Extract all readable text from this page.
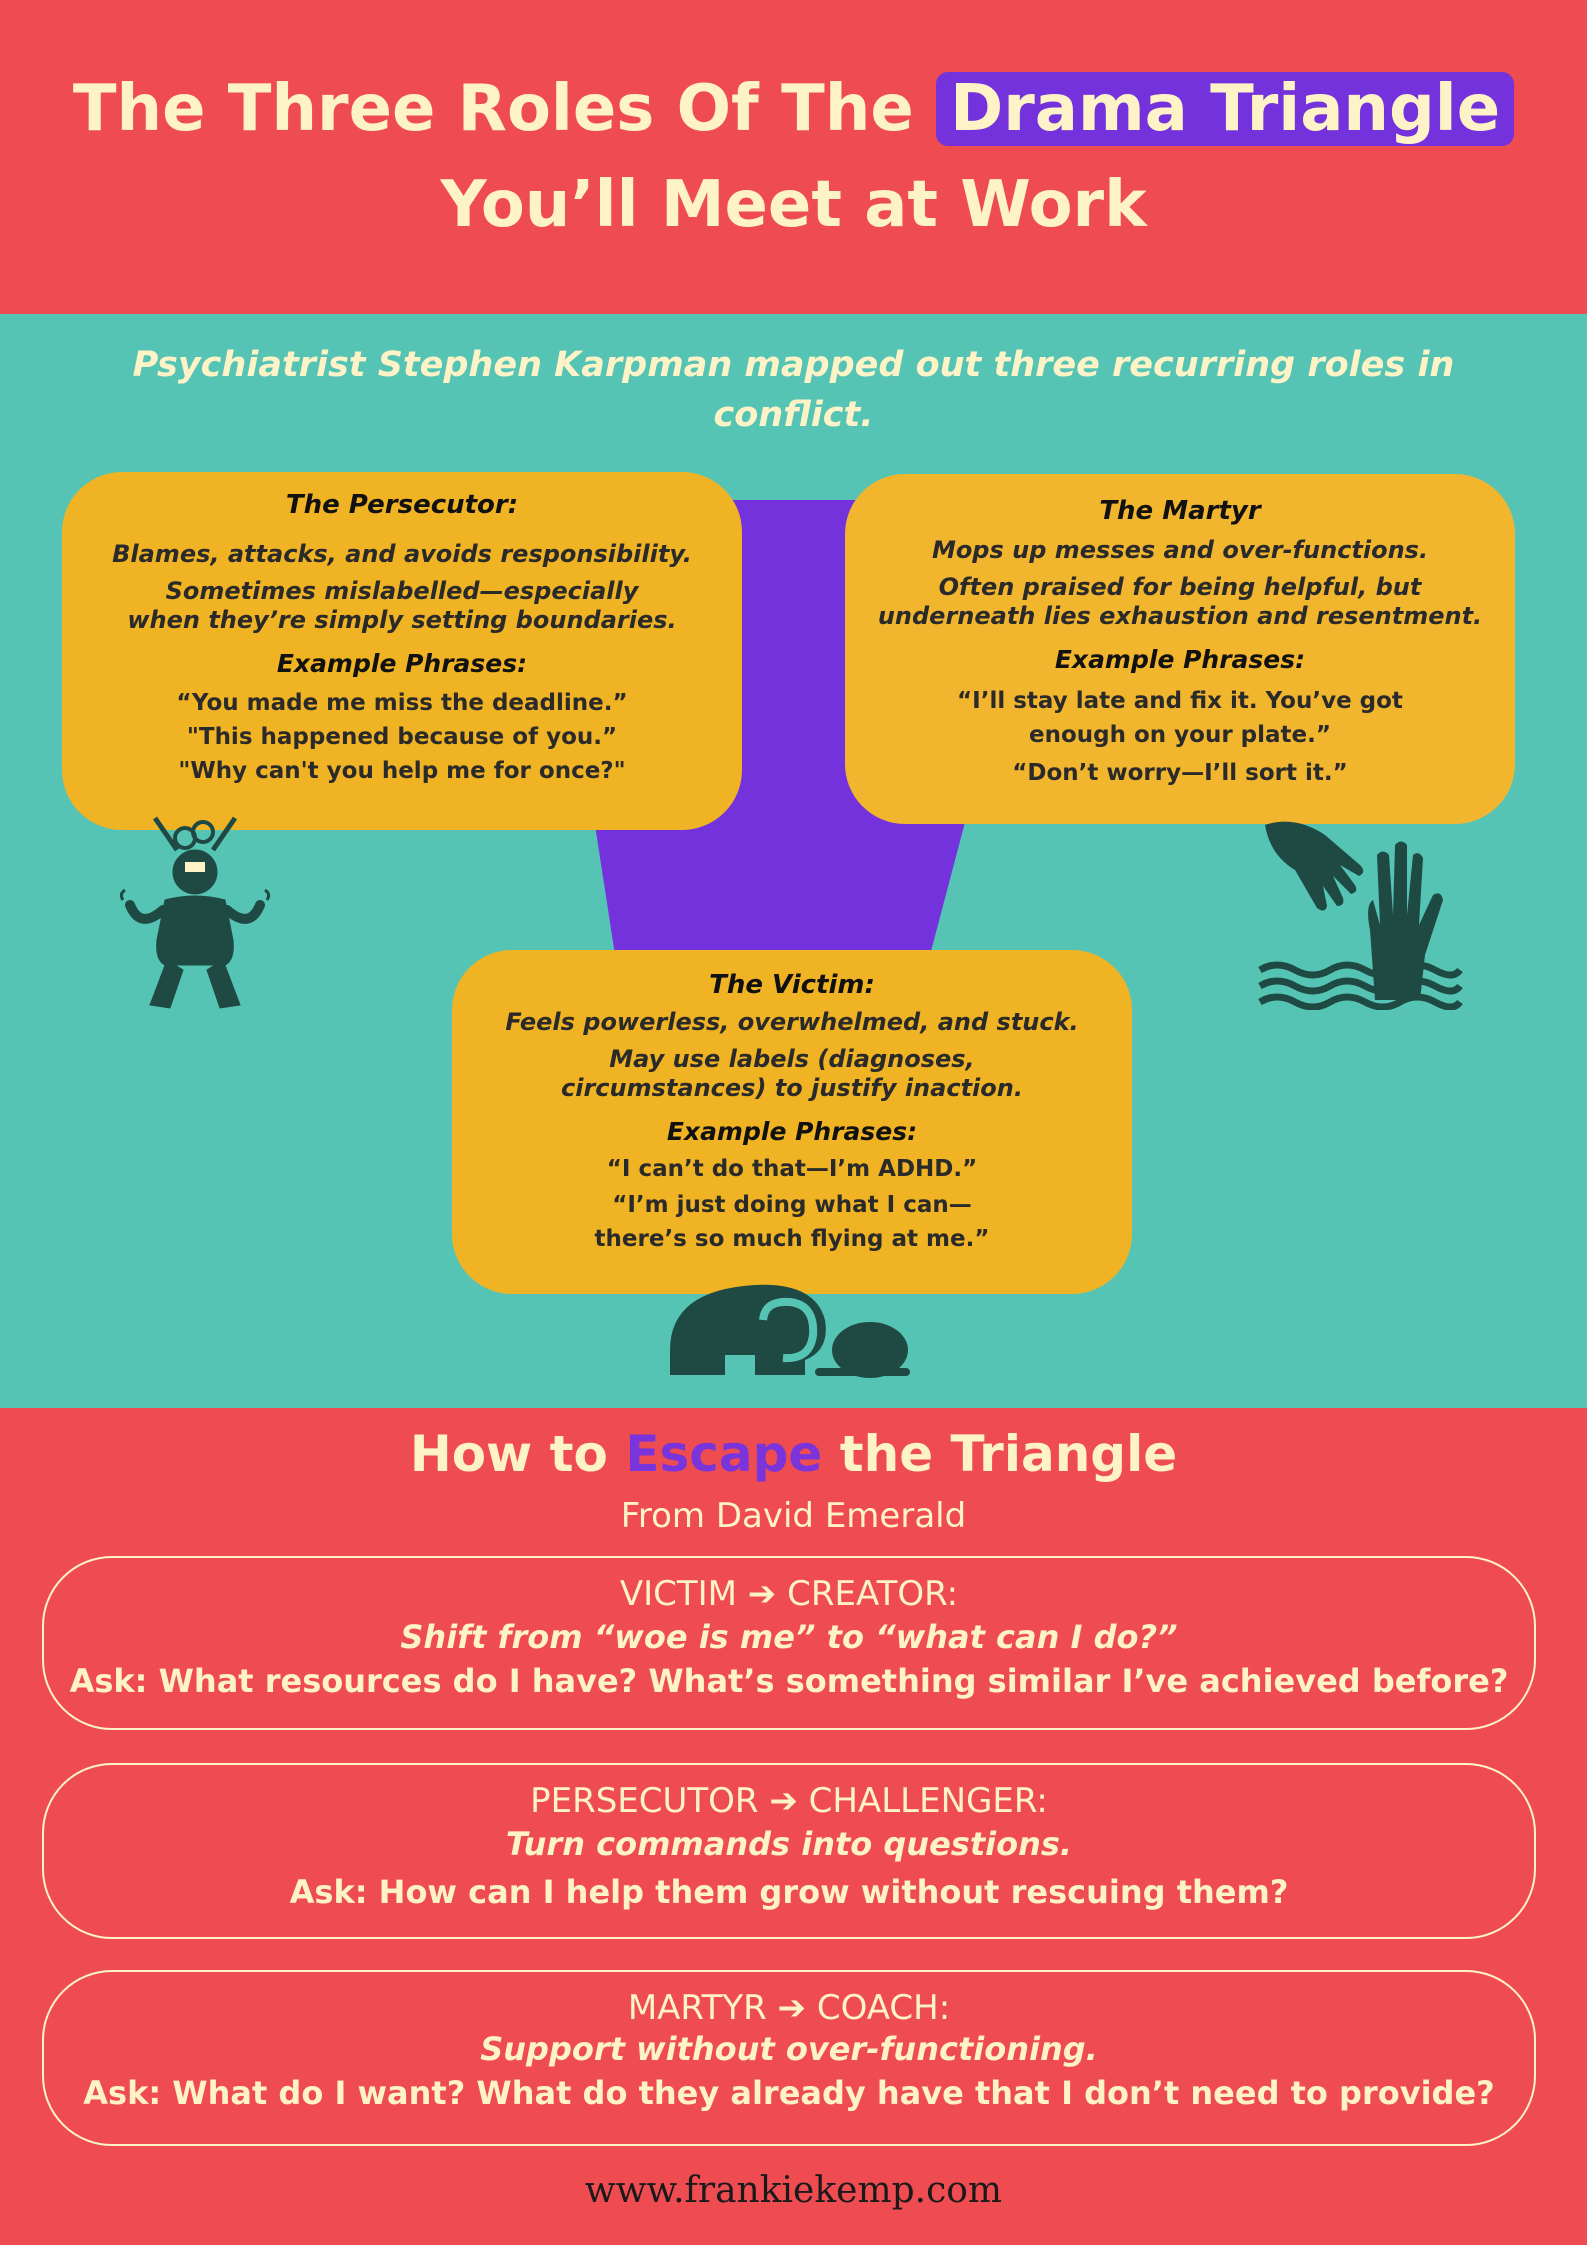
The Three Roles Of The Drama Triangle
You’ll Meet at Work
Psychiatrist Stephen Karpman mapped out three recurring roles in conflict.
The Persecutor:
Blames, attacks, and avoids responsibility.
Sometimes mislabelled—especially
when they’re simply setting boundaries.
Example Phrases:
“You made me miss the deadline.”
"This happened because of you.”
"Why can't you help me for once?"
The Martyr
Mops up messes and over-functions.
Often praised for being helpful, but
underneath lies exhaustion and resentment.
Example Phrases:
“I’ll stay late and fix it. You’ve got
enough on your plate.”
“Don’t worry—I’ll sort it.”
The Victim:
Feels powerless, overwhelmed, and stuck.
May use labels (diagnoses,
circumstances) to justify inaction.
Example Phrases:
“I can’t do that—I’m ADHD.”
“I’m just doing what I can—
there’s so much flying at me.”
How to Escape the Triangle
From David Emerald
VICTIM ➔ CREATOR:
Shift from “woe is me” to “what can I do?”
Ask: What resources do I have? What’s something similar I’ve achieved before?
PERSECUTOR ➔ CHALLENGER:
Turn commands into questions.
Ask: How can I help them grow without rescuing them?
MARTYR ➔ COACH:
Support without over-functioning.
Ask: What do I want? What do they already have that I don’t need to provide?
www.frankiekemp.com
